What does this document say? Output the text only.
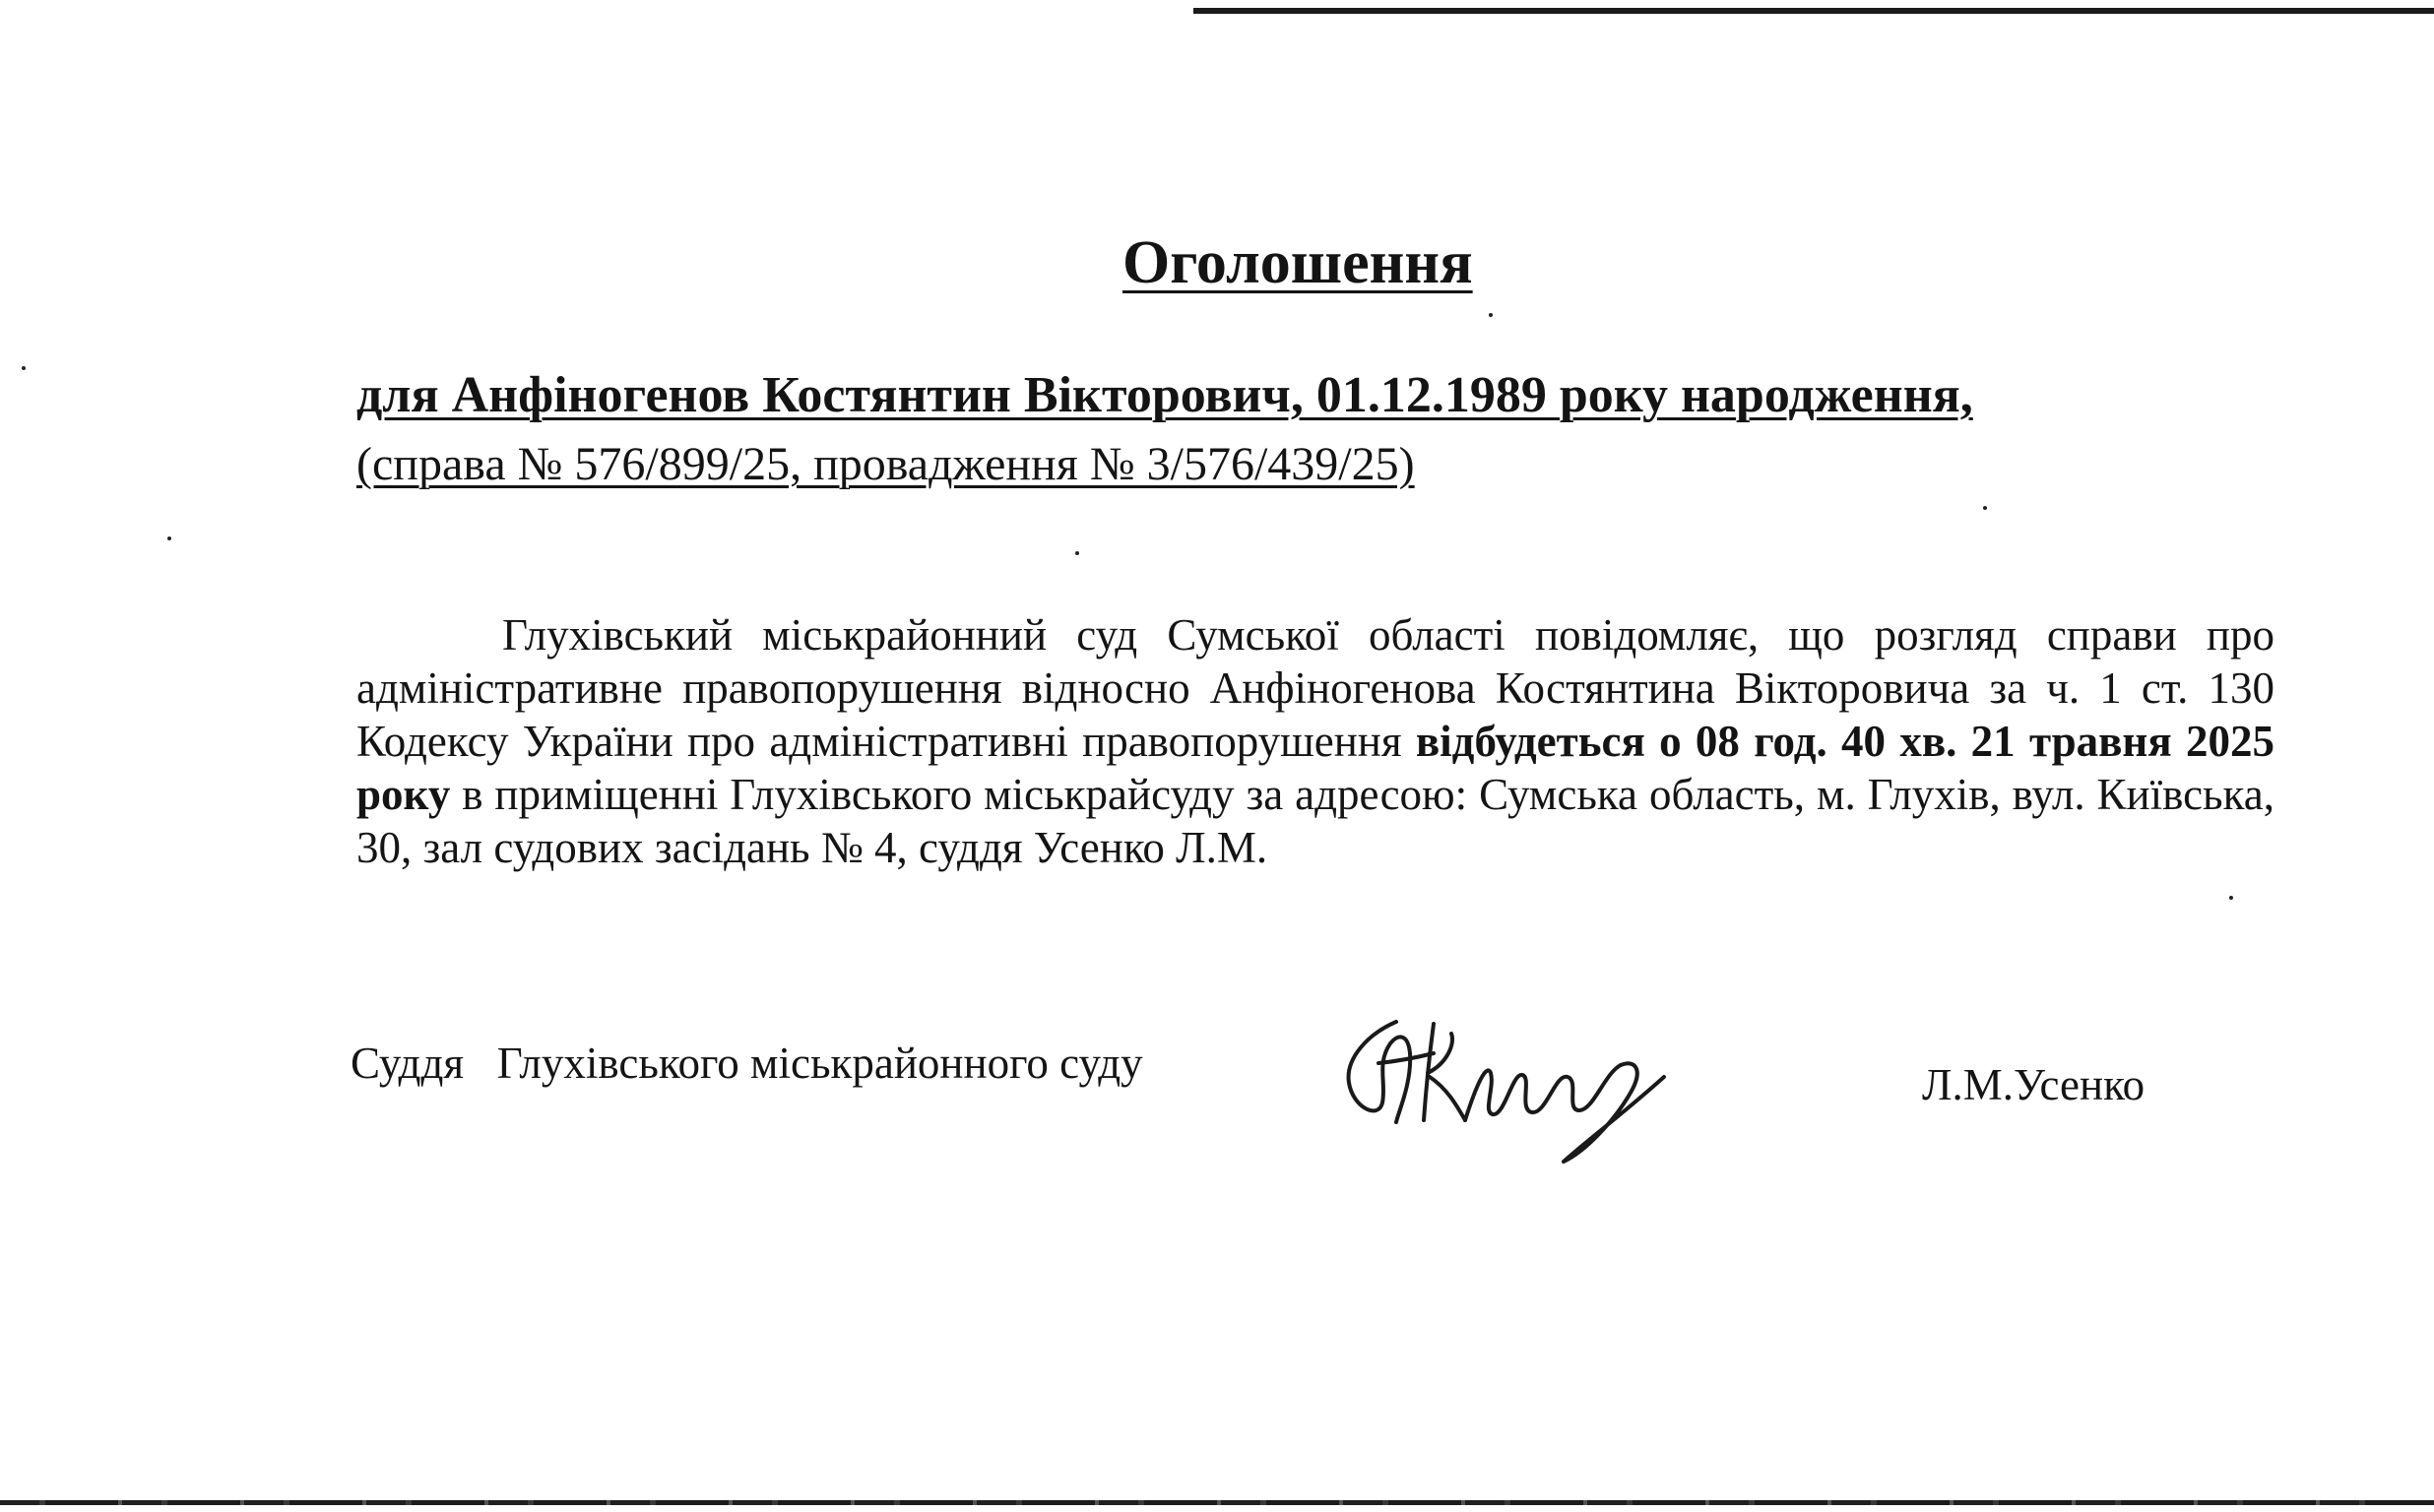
Оголошення
для Анфіногенов Костянтин Вікторович, 01.12.1989 року народження,
(справа № 576/899/25, провадження № 3/576/439/25)

Глухівський міськрайонний суд Сумської області повідомляє, що розгляд справи про адміністративне правопорушення відносно Анфіногенова Костянтина Вікторовича за ч. 1 ст. 130 Кодексу України про адміністративні правопорушення відбудеться о 08 год. 40 хв. 21 травня 2025 року в приміщенні Глухівського міськрайсуду за адресою: Сумська область, м. Глухів, вул. Київська, 30, зал судових засідань № 4, суддя Усенко Л.М.

Суддя   Глухівського міськрайонного суду	Л.М.Усенко
